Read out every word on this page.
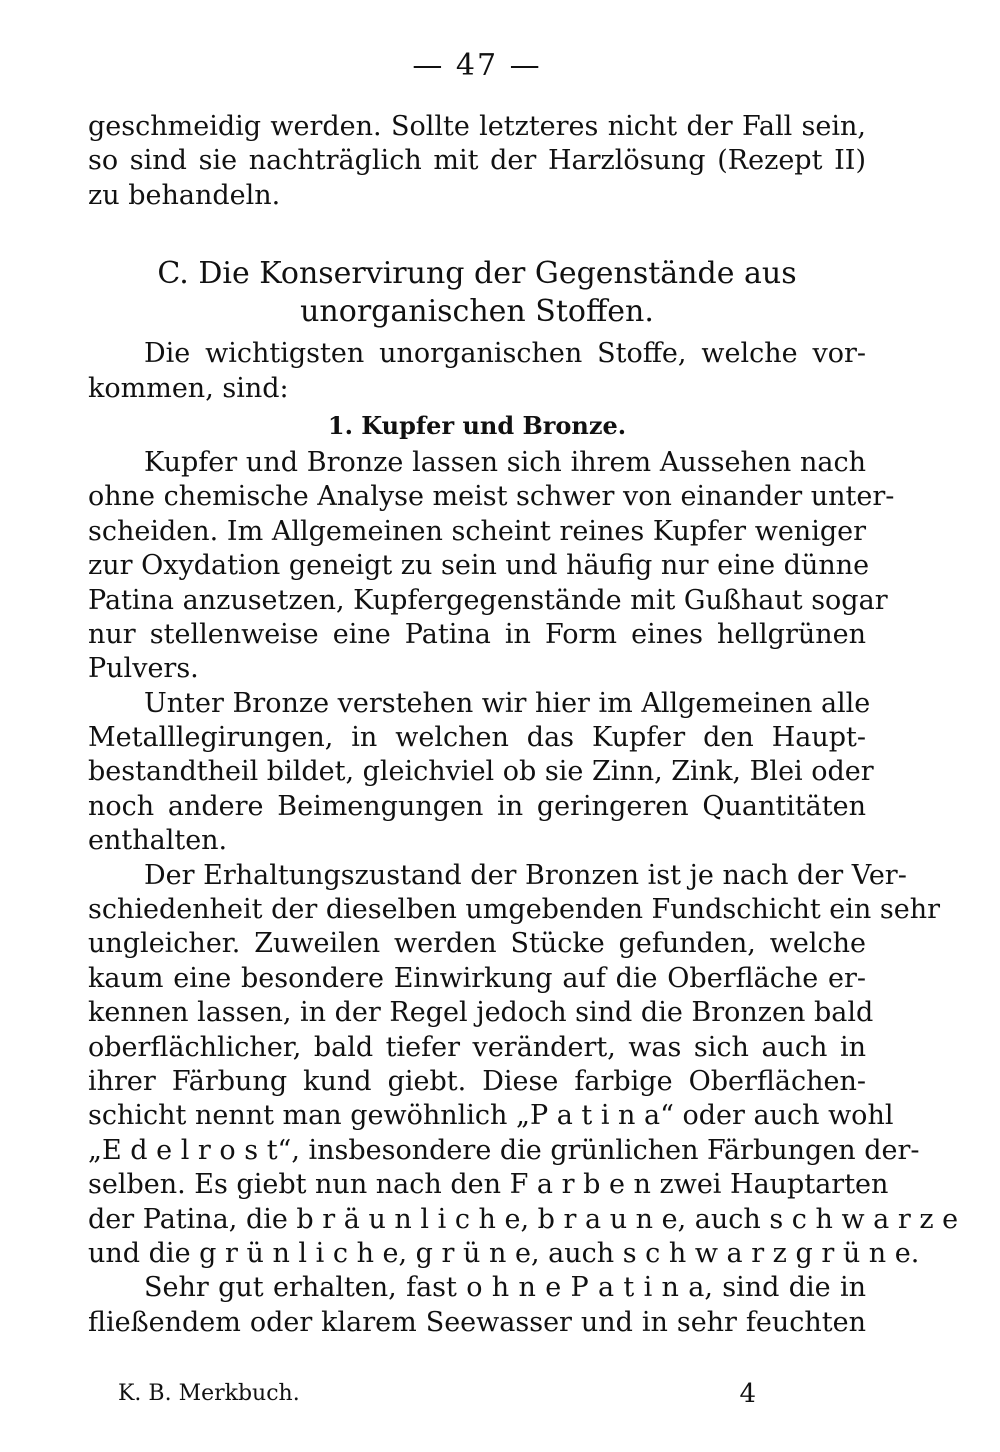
— 47 —
geschmeidig werden. Sollte letzteres nicht der Fall sein,
so sind sie nachträglich mit der Harzlösung (Rezept II)
zu behandeln.
C. Die Konservirung der Gegenstände aus
unorganischen Stoffen.
Die wichtigsten unorganischen Stoffe, welche vor-
kommen, sind:
1. Kupfer und Bronze.
Kupfer und Bronze lassen sich ihrem Aussehen nach
ohne chemische Analyse meist schwer von einander unter-
scheiden. Im Allgemeinen scheint reines Kupfer weniger
zur Oxydation geneigt zu sein und häufig nur eine dünne
Patina anzusetzen, Kupfergegenstände mit Gußhaut sogar
nur stellenweise eine Patina in Form eines hellgrünen
Pulvers.
Unter Bronze verstehen wir hier im Allgemeinen alle
Metalllegirungen, in welchen das Kupfer den Haupt-
bestandtheil bildet, gleichviel ob sie Zinn, Zink, Blei oder
noch andere Beimengungen in geringeren Quantitäten
enthalten.
Der Erhaltungszustand der Bronzen ist je nach der Ver-
schiedenheit der dieselben umgebenden Fundschicht ein sehr
ungleicher. Zuweilen werden Stücke gefunden, welche
kaum eine besondere Einwirkung auf die Oberfläche er-
kennen lassen, in der Regel jedoch sind die Bronzen bald
oberflächlicher, bald tiefer verändert, was sich auch in
ihrer Färbung kund giebt. Diese farbige Oberflächen-
schicht nennt man gewöhnlich „P a t i n a“ oder auch wohl
„E d e l r o s t“, insbesondere die grünlichen Färbungen der-
selben. Es giebt nun nach den F a r b e n zwei Hauptarten
der Patina, die b r ä u n l i c h e, b r a u n e, auch s c h w a r z e
und die g r ü n l i c h e, g r ü n e, auch s c h w a r z g r ü n e.
Sehr gut erhalten, fast o h n e P a t i n a, sind die in
fließendem oder klarem Seewasser und in sehr feuchten
K. B. Merkbuch.	4
